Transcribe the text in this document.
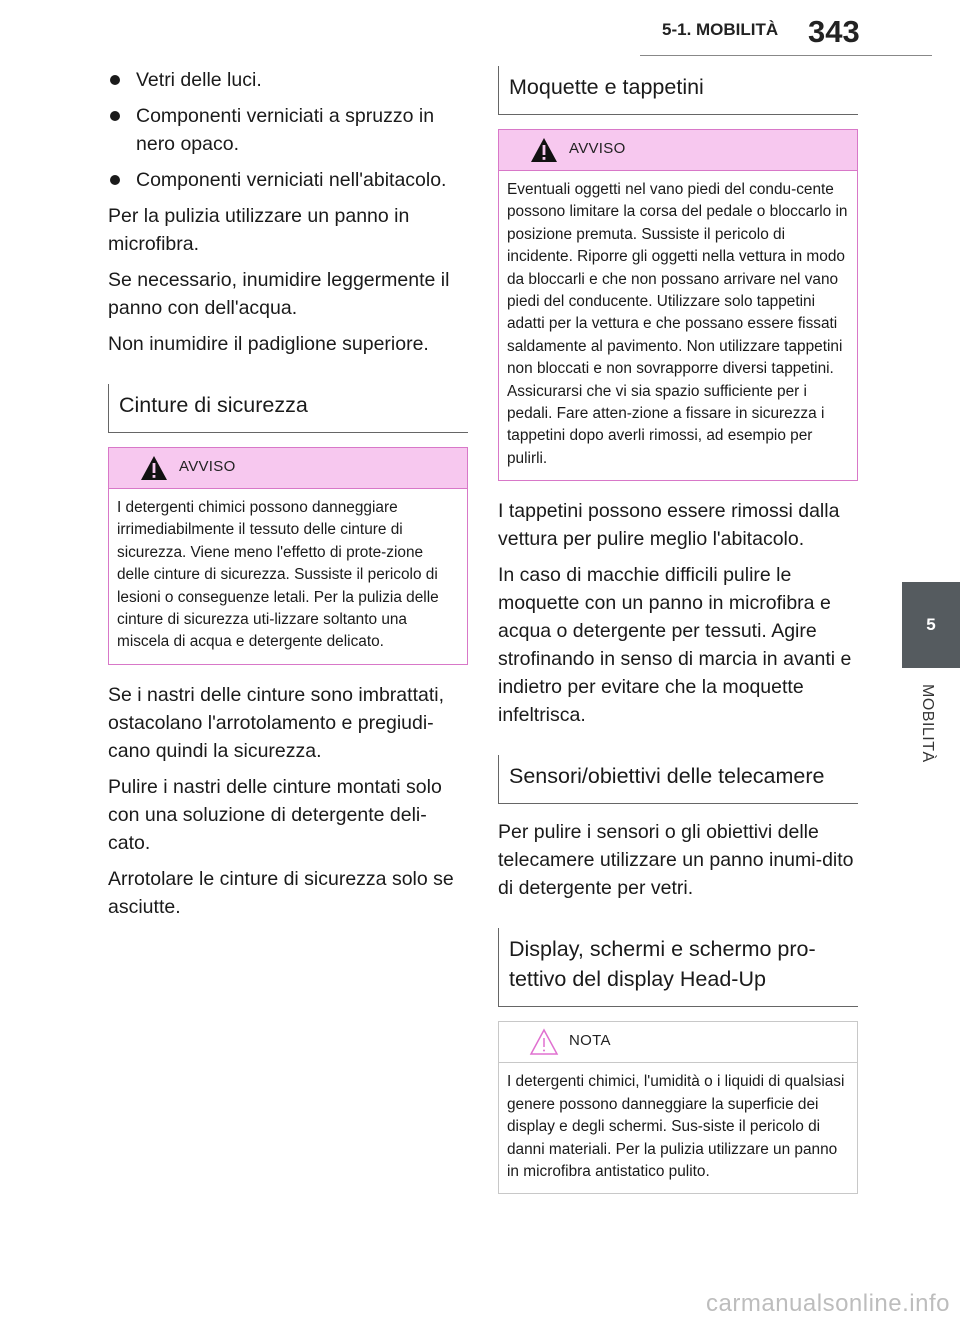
5-1. MOBILITÀ 343
5
MOBILITÀ
Vetri delle luci.
Componenti verniciati a spruzzo in nero opaco.
Componenti verniciati nell'abitacolo.

Per la pulizia utilizzare un panno in microfibra.

Se necessario, inumidire leggermente il panno con dell'acqua.

Non inumidire il padiglione superiore.

Cinture di sicurezza
AVVISO
I detergenti chimici possono danneggiare irrimediabilmente il tessuto delle cinture di sicurezza. Viene meno l'effetto di prote-zione delle cinture di sicurezza. Sussiste il pericolo di lesioni o conseguenze letali. Per la pulizia delle cinture di sicurezza uti-lizzare soltanto una miscela di acqua e detergente delicato.

Se i nastri delle cinture sono imbrattati, ostacolano l'arrotolamento e pregiudi-cano quindi la sicurezza.

Pulire i nastri delle cinture montati solo con una soluzione di detergente deli-cato.

Arrotolare le cinture di sicurezza solo se asciutte.

Moquette e tappetini
AVVISO
Eventuali oggetti nel vano piedi del condu-cente possono limitare la corsa del pedale o bloccarlo in posizione premuta. Sussiste il pericolo di incidente. Riporre gli oggetti nella vettura in modo da bloccarli e che non possano arrivare nel vano piedi del conducente. Utilizzare solo tappetini adatti per la vettura e che possano essere fissati saldamente al pavimento. Non utilizzare tappetini non bloccati e non sovrapporre diversi tappetini. Assicurarsi che vi sia spazio sufficiente per i pedali. Fare atten-zione a fissare in sicurezza i tappetini dopo averli rimossi, ad esempio per pulirli.

I tappetini possono essere rimossi dalla vettura per pulire meglio l'abitacolo.

In caso di macchie difficili pulire le moquette con un panno in microfibra e acqua o detergente per tessuti. Agire strofinando in senso di marcia in avanti e indietro per evitare che la moquette infeltrisca.

Sensori/obiettivi delle telecamere

Per pulire i sensori o gli obiettivi delle telecamere utilizzare un panno inumi-dito di detergente per vetri.

Display, schermi e schermo pro-tettivo del display Head-Up
NOTA
I detergenti chimici, l'umidità o i liquidi di qualsiasi genere possono danneggiare la superficie dei display e degli schermi. Sus-siste il pericolo di danni materiali. Per la pulizia utilizzare un panno in microfibra antistatico pulito.
carmanualsonline.info
